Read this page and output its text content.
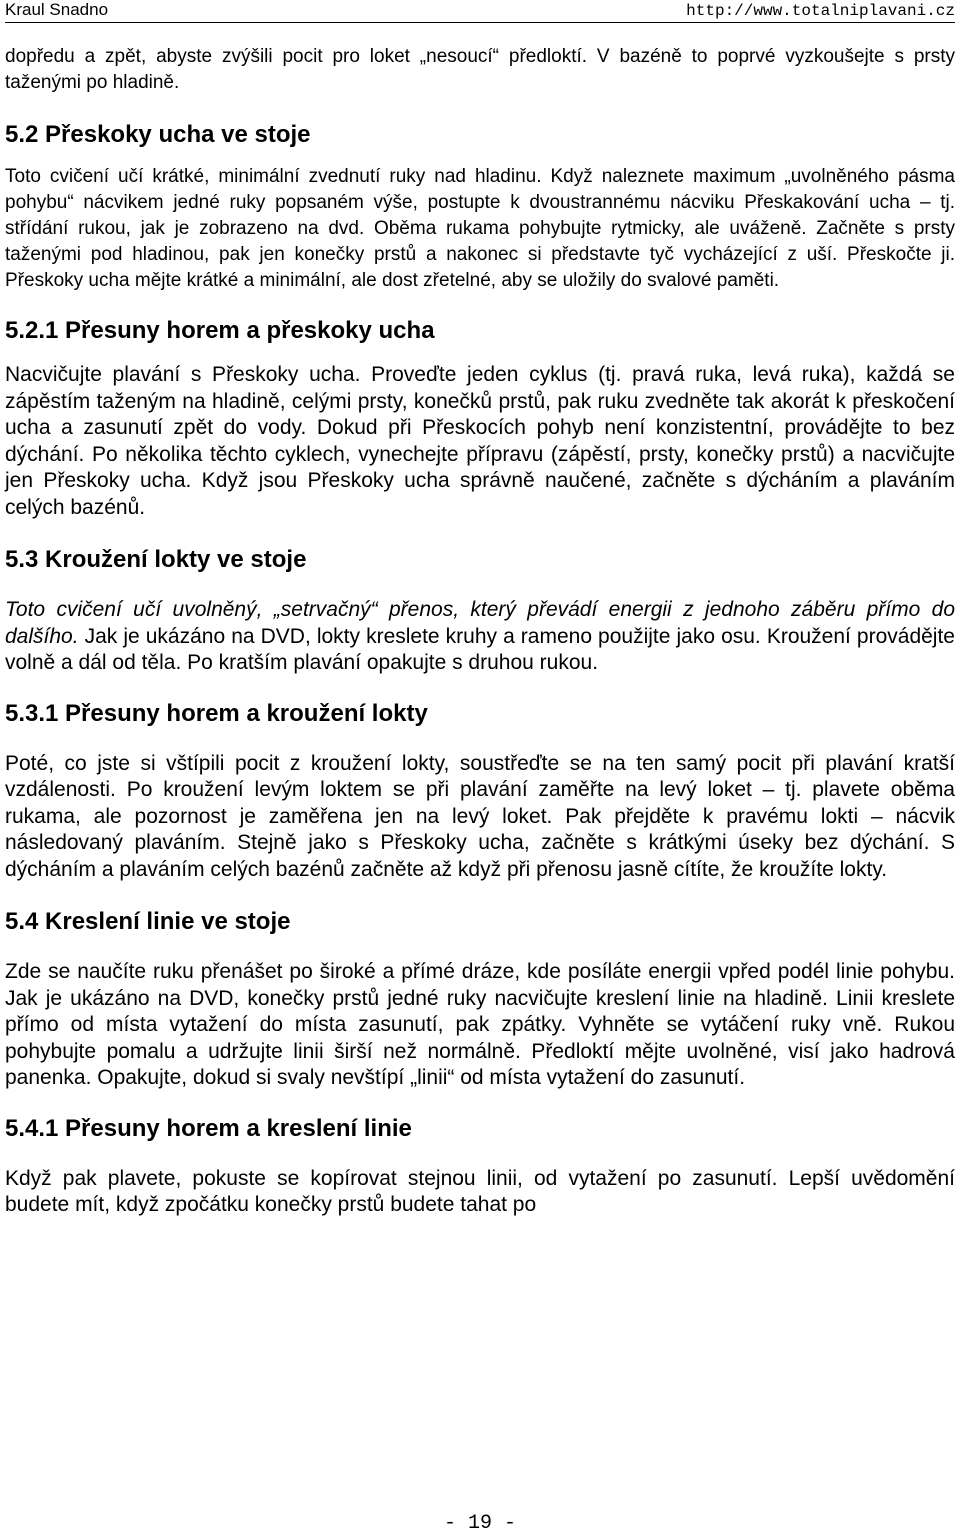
Kraul Snadno	http://www.totalniplavani.cz

dopředu a zpět, abyste zvýšili pocit pro loket „nesoucí“ předloktí. V bazéně to poprvé vyzkoušejte s prsty taženými po hladině.

5.2 Přeskoky ucha ve stoje

Toto cvičení učí krátké, minimální zvednutí ruky nad hladinu. Když naleznete maximum „uvolněného pásma pohybu“ nácvikem jedné ruky popsaném výše, postupte k dvoustrannému nácviku Přeskakování ucha – tj. střídání rukou, jak je zobrazeno na dvd. Oběma rukama pohybujte rytmicky, ale uváženě. Začněte s prsty taženými pod hladinou, pak jen konečky prstů a nakonec si představte tyč vycházející z uší. Přeskočte ji. Přeskoky ucha mějte krátké a minimální, ale dost zřetelné, aby se uložily do svalové paměti.

5.2.1 Přesuny horem a přeskoky ucha

Nacvičujte plavání s Přeskoky ucha. Proveďte jeden cyklus (tj. pravá ruka, levá ruka), každá se zápěstím taženým na hladině, celými prsty, konečků prstů, pak ruku zvedněte tak akorát k přeskočení ucha a zasunutí zpět do vody. Dokud při Přeskocích pohyb není konzistentní, provádějte to bez dýchání. Po několika těchto cyklech, vynechejte přípravu (zápěstí, prsty, konečky prstů) a nacvičujte jen Přeskoky ucha. Když jsou Přeskoky ucha správně naučené, začněte s dýcháním a plaváním celých bazénů.

5.3 Kroužení lokty ve stoje

Toto cvičení učí uvolněný, „setrvačný“ přenos, který převádí energii z jednoho záběru přímo do dalšího. Jak je ukázáno na DVD, lokty kreslete kruhy a rameno použijte jako osu. Kroužení provádějte volně a dál od těla. Po kratším plavání opakujte s druhou rukou.

5.3.1 Přesuny horem a kroužení lokty

Poté, co jste si vštípili pocit z kroužení lokty, soustřeďte se na ten samý pocit při plavání kratší vzdálenosti. Po kroužení levým loktem se při plavání zaměřte na levý loket – tj. plavete oběma rukama, ale pozornost je zaměřena jen na levý loket. Pak přejděte k pravému lokti – nácvik následovaný plaváním. Stejně jako s Přeskoky ucha, začněte s krátkými úseky bez dýchání. S dýcháním a plaváním celých bazénů začněte až když při přenosu jasně cítíte, že kroužíte lokty.

5.4 Kreslení linie ve stoje

Zde se naučíte ruku přenášet po široké a přímé dráze, kde posíláte energii vpřed podél linie pohybu. Jak je ukázáno na DVD, konečky prstů jedné ruky nacvičujte kreslení linie na hladině. Linii kreslete přímo od místa vytažení do místa zasunutí, pak zpátky. Vyhněte se vytáčení ruky vně. Rukou pohybujte pomalu a udržujte linii širší než normálně. Předloktí mějte uvolněné, visí jako hadrová panenka. Opakujte, dokud si svaly nevštípí „linii“ od místa vytažení do zasunutí.

5.4.1 Přesuny horem a kreslení linie

Když pak plavete, pokuste se kopírovat stejnou linii, od vytažení po zasunutí. Lepší uvědomění budete mít, když zpočátku konečky prstů budete tahat po

- 19 -
